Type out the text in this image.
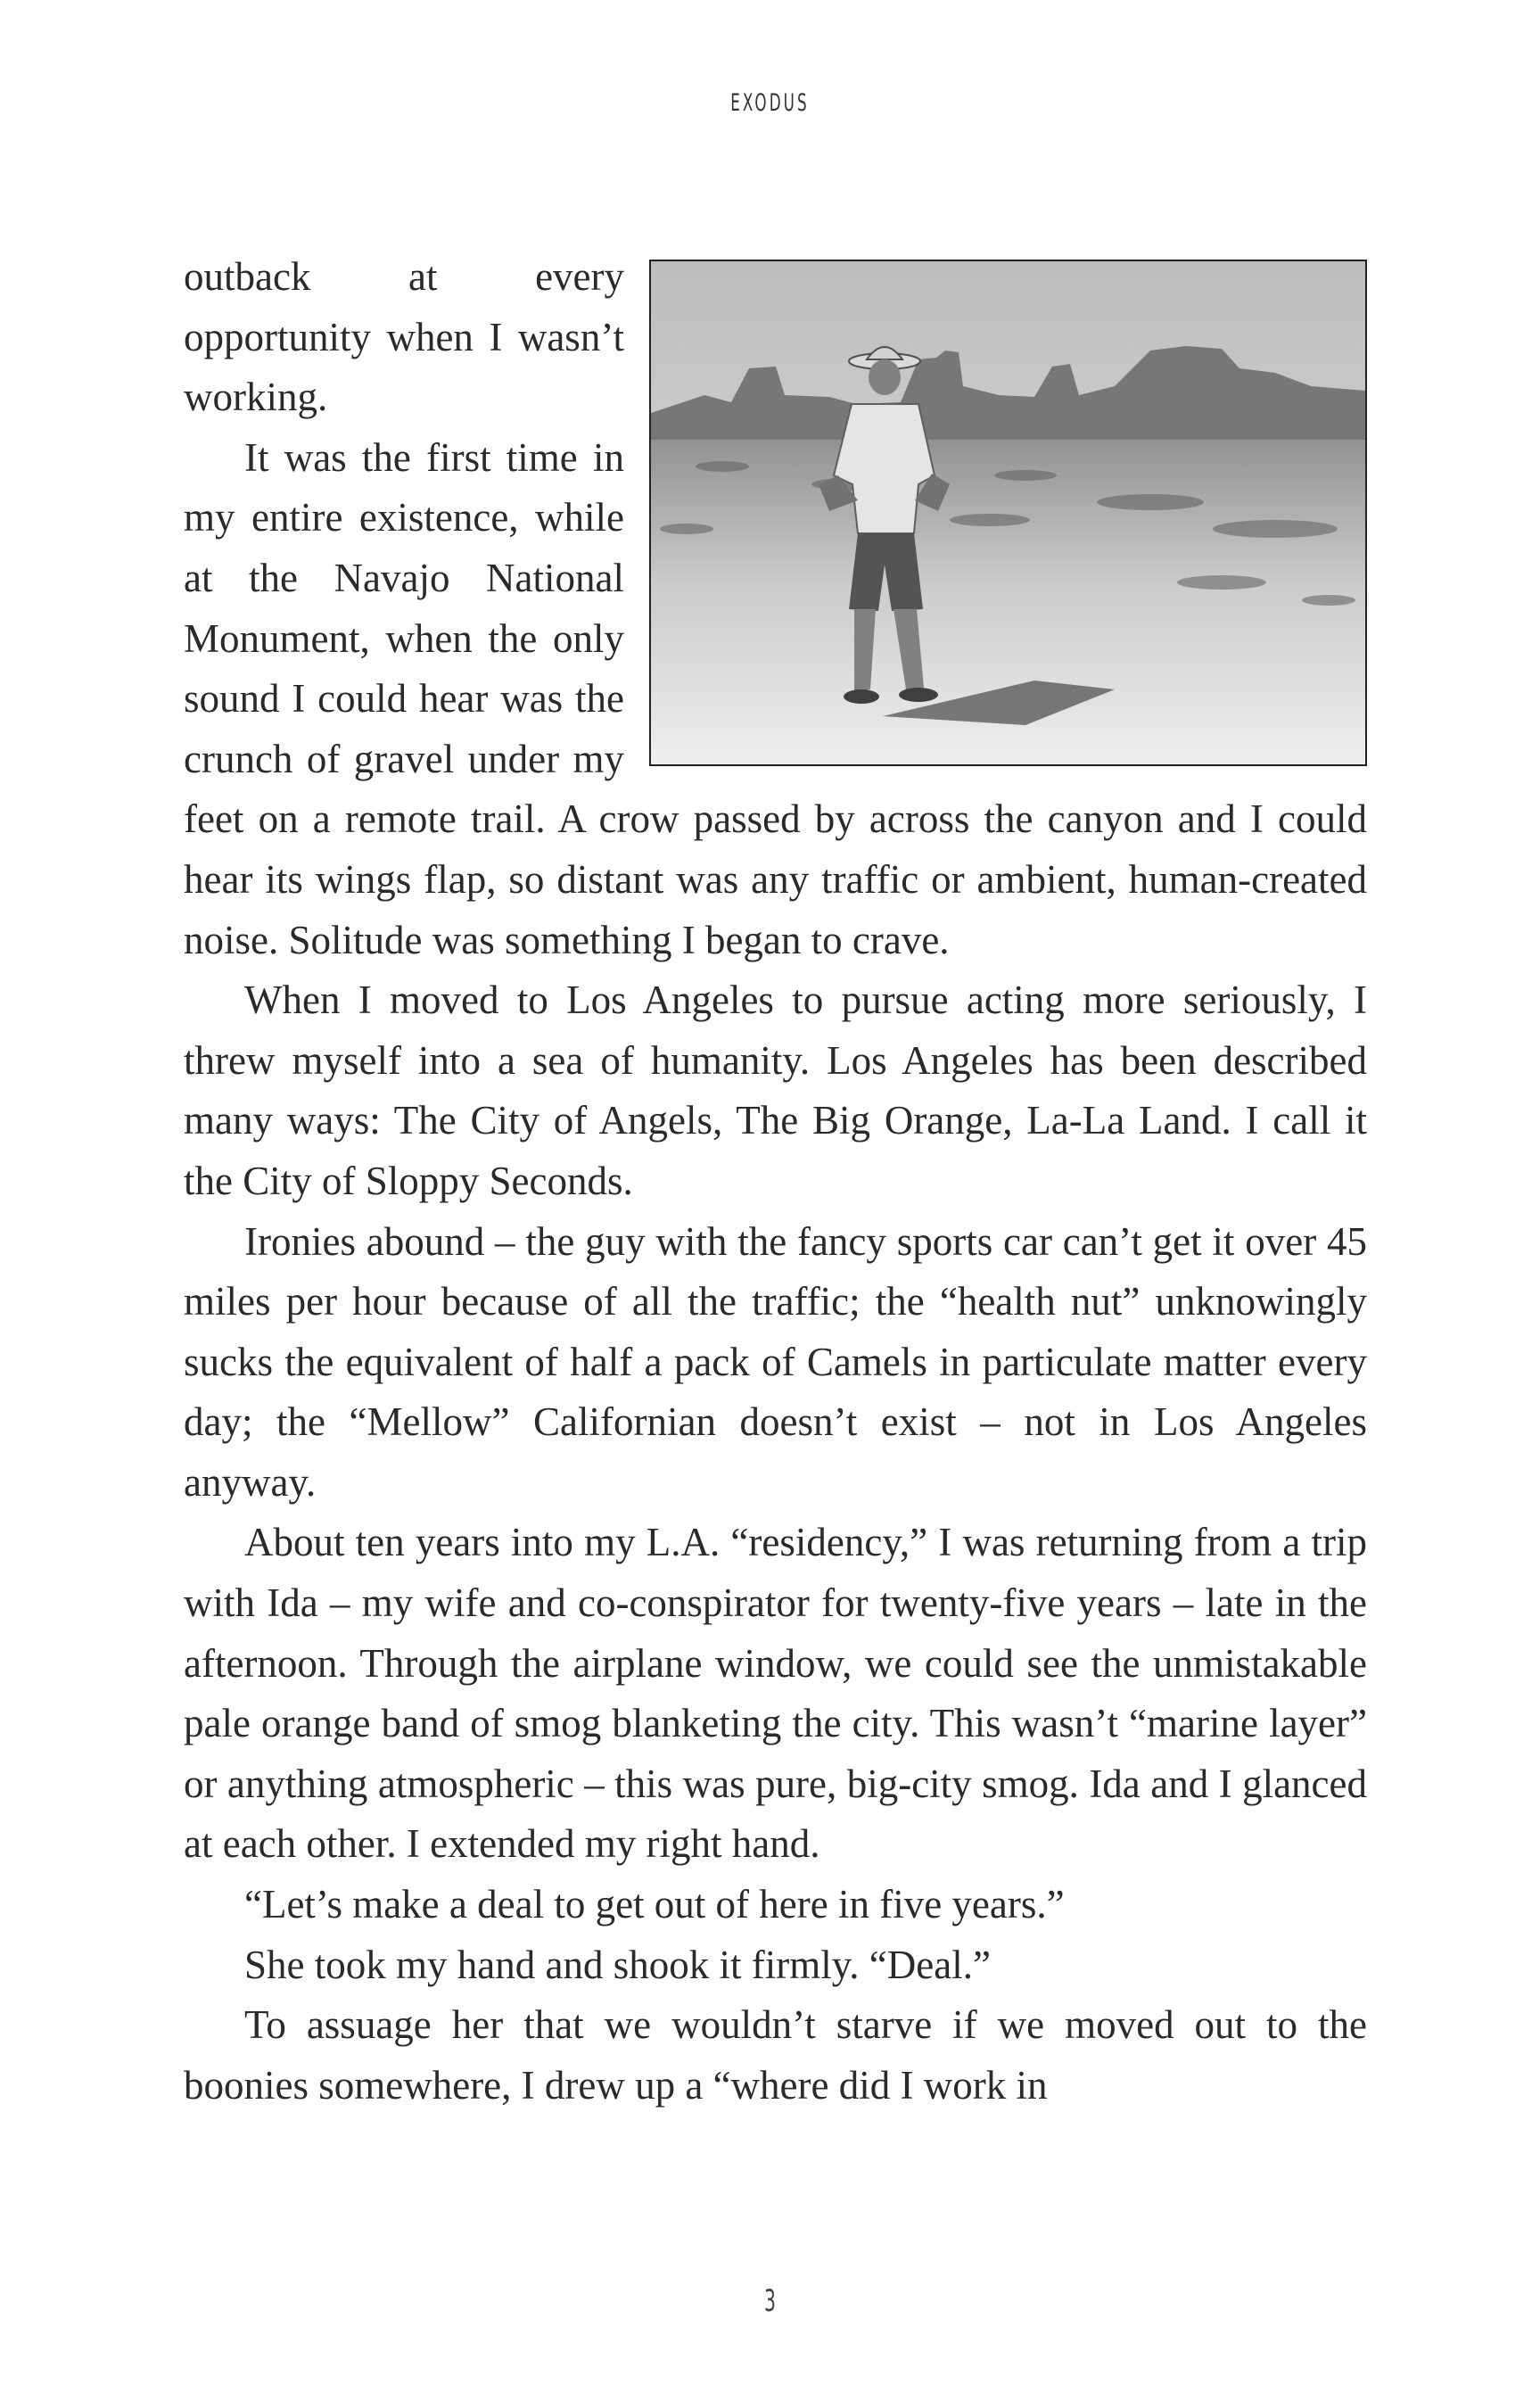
EXODUS

outback at every opportunity when I wasn’t working.

It was the first time in my entire existence, while at the Navajo National Monument, when the only sound I could hear was the crunch of gravel under my feet on a remote trail. A crow passed by across the canyon and I could hear its wings flap, so distant was any traffic or ambient, human-created noise. Solitude was something I began to crave.

When I moved to Los Angeles to pursue acting more seriously, I threw myself into a sea of humanity. Los Angeles has been described many ways: The City of Angels, The Big Orange, La-La Land. I call it the City of Sloppy Seconds.

Ironies abound – the guy with the fancy sports car can’t get it over 45 miles per hour because of all the traffic; the “health nut” unknowingly sucks the equivalent of half a pack of Camels in particulate matter every day; the “Mellow” Californian doesn’t exist – not in Los Angeles anyway.

About ten years into my L.A. “residency,” I was returning from a trip with Ida – my wife and co-conspirator for twenty-five years – late in the afternoon. Through the airplane window, we could see the unmistakable pale orange band of smog blanketing the city. This wasn’t “marine layer” or anything atmospheric – this was pure, big-city smog. Ida and I glanced at each other. I extended my right hand.

“Let’s make a deal to get out of here in five years.”

She took my hand and shook it firmly. “Deal.”

To assuage her that we wouldn’t starve if we moved out to the boonies somewhere, I drew up a “where did I work in

3
